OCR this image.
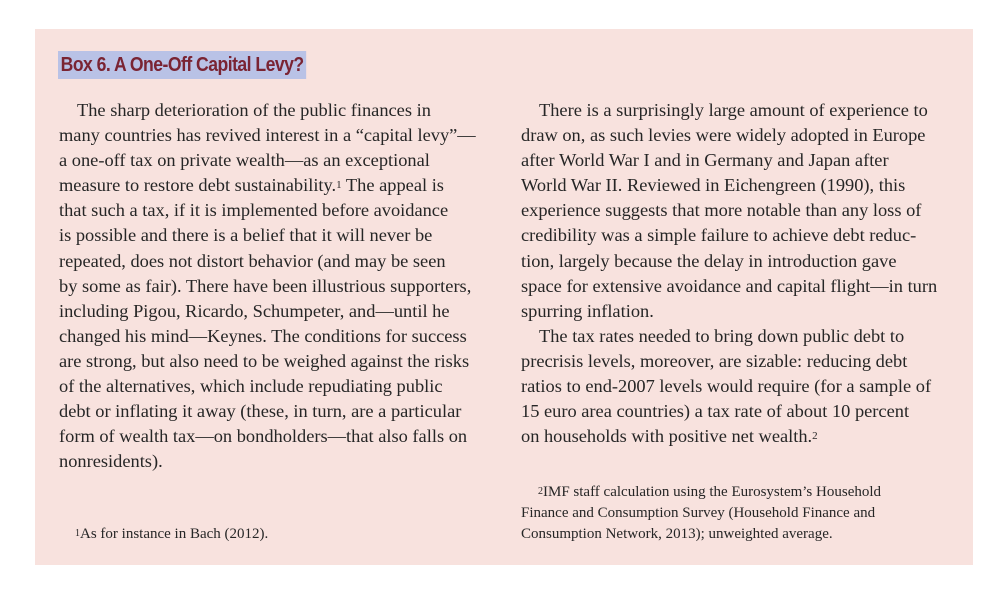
Box 6. A One-Off Capital Levy?
The sharp deterioration of the public finances in
many countries has revived interest in a “capital levy”—
a one-off tax on private wealth—as an exceptional
measure to restore debt sustainability.$^1$ The appeal is
that such a tax, if it is implemented before avoidance
is possible and there is a belief that it will never be
repeated, does not distort behavior (and may be seen
by some as fair). There have been illustrious supporters,
including Pigou, Ricardo, Schumpeter, and—until he
changed his mind—Keynes. The conditions for success
are strong, but also need to be weighed against the risks
of the alternatives, which include repudiating public
debt or inflating it away (these, in turn, are a particular
form of wealth tax—on bondholders—that also falls on
nonresidents).
There is a surprisingly large amount of experience to
draw on, as such levies were widely adopted in Europe
after World War I and in Germany and Japan after
World War II. Reviewed in Eichengreen (1990), this
experience suggests that more notable than any loss of
credibility was a simple failure to achieve debt reduc-
tion, largely because the delay in introduction gave
space for extensive avoidance and capital flight—in turn
spurring inflation.
The tax rates needed to bring down public debt to
precrisis levels, moreover, are sizable: reducing debt
ratios to end-2007 levels would require (for a sample of
15 euro area countries) a tax rate of about 10 percent
on households with positive net wealth.$^2$
$^1$As for instance in Bach (2012).
$^2$IMF staff calculation using the Eurosystem’s Household
Finance and Consumption Survey (Household Finance and
Consumption Network, 2013); unweighted average.
